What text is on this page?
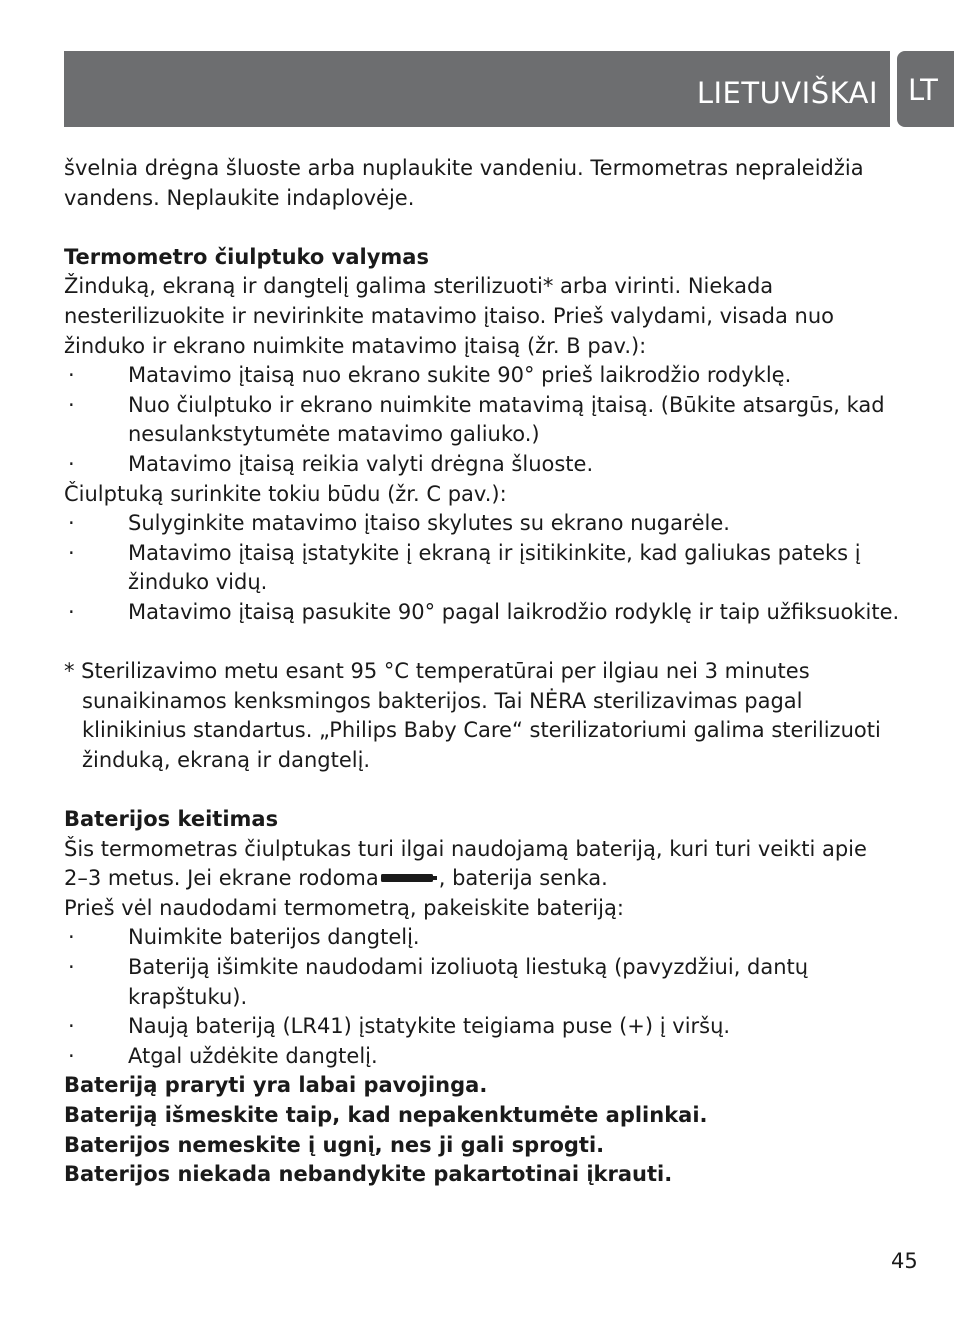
LIETUVIŠKAI LT
švelnia drėgna šluoste arba nuplaukite vandeniu. Termometras nepraleidžia
vandens. Neplaukite indaplovėje.
Termometro čiulptuko valymas
Žinduką, ekraną ir dangtelį galima sterilizuoti* arba virinti. Niekada
nesterilizuokite ir nevirinkite matavimo įtaiso. Prieš valydami, visada nuo
žinduko ir ekrano nuimkite matavimo įtaisą (žr. B pav.):
·	Matavimo įtaisą nuo ekrano sukite 90° prieš laikrodžio rodyklę.
·	Nuo čiulptuko ir ekrano nuimkite matavimą įtaisą. (Būkite atsargūs, kad
nesulankstytumėte matavimo galiuko.)
·	Matavimo įtaisą reikia valyti drėgna šluoste.
Čiulptuką surinkite tokiu būdu (žr. C pav.):
·	Sulyginkite matavimo įtaiso skylutes su ekrano nugarėle.
·	Matavimo įtaisą įstatykite į ekraną ir įsitikinkite, kad galiukas pateks į
žinduko vidų.
·	Matavimo įtaisą pasukite 90° pagal laikrodžio rodyklę ir taip užfiksuokite.
* Sterilizavimo metu esant 95 °C temperatūrai per ilgiau nei 3 minutes
sunaikinamos kenksmingos bakterijos. Tai NĖRA sterilizavimas pagal
klinikinius standartus. „Philips Baby Care“ sterilizatoriumi galima sterilizuoti
žinduką, ekraną ir dangtelį.
Baterijos keitimas
Šis termometras čiulptukas turi ilgai naudojamą bateriją, kuri turi veikti apie
2–3 metus. Jei ekrane rodoma	, baterija senka.
Prieš vėl naudodami termometrą, pakeiskite bateriją:
·	Nuimkite baterijos dangtelį.
·	Bateriją išimkite naudodami izoliuotą liestuką (pavyzdžiui, dantų
krapštuku).
·	Naują bateriją (LR41) įstatykite teigiama puse (+) į viršų.
·	Atgal uždėkite dangtelį.
Bateriją praryti yra labai pavojinga.
Bateriją išmeskite taip, kad nepakenktumėte aplinkai.
Baterijos nemeskite į ugnį, nes ji gali sprogti.
Baterijos niekada nebandykite pakartotinai įkrauti.
45
